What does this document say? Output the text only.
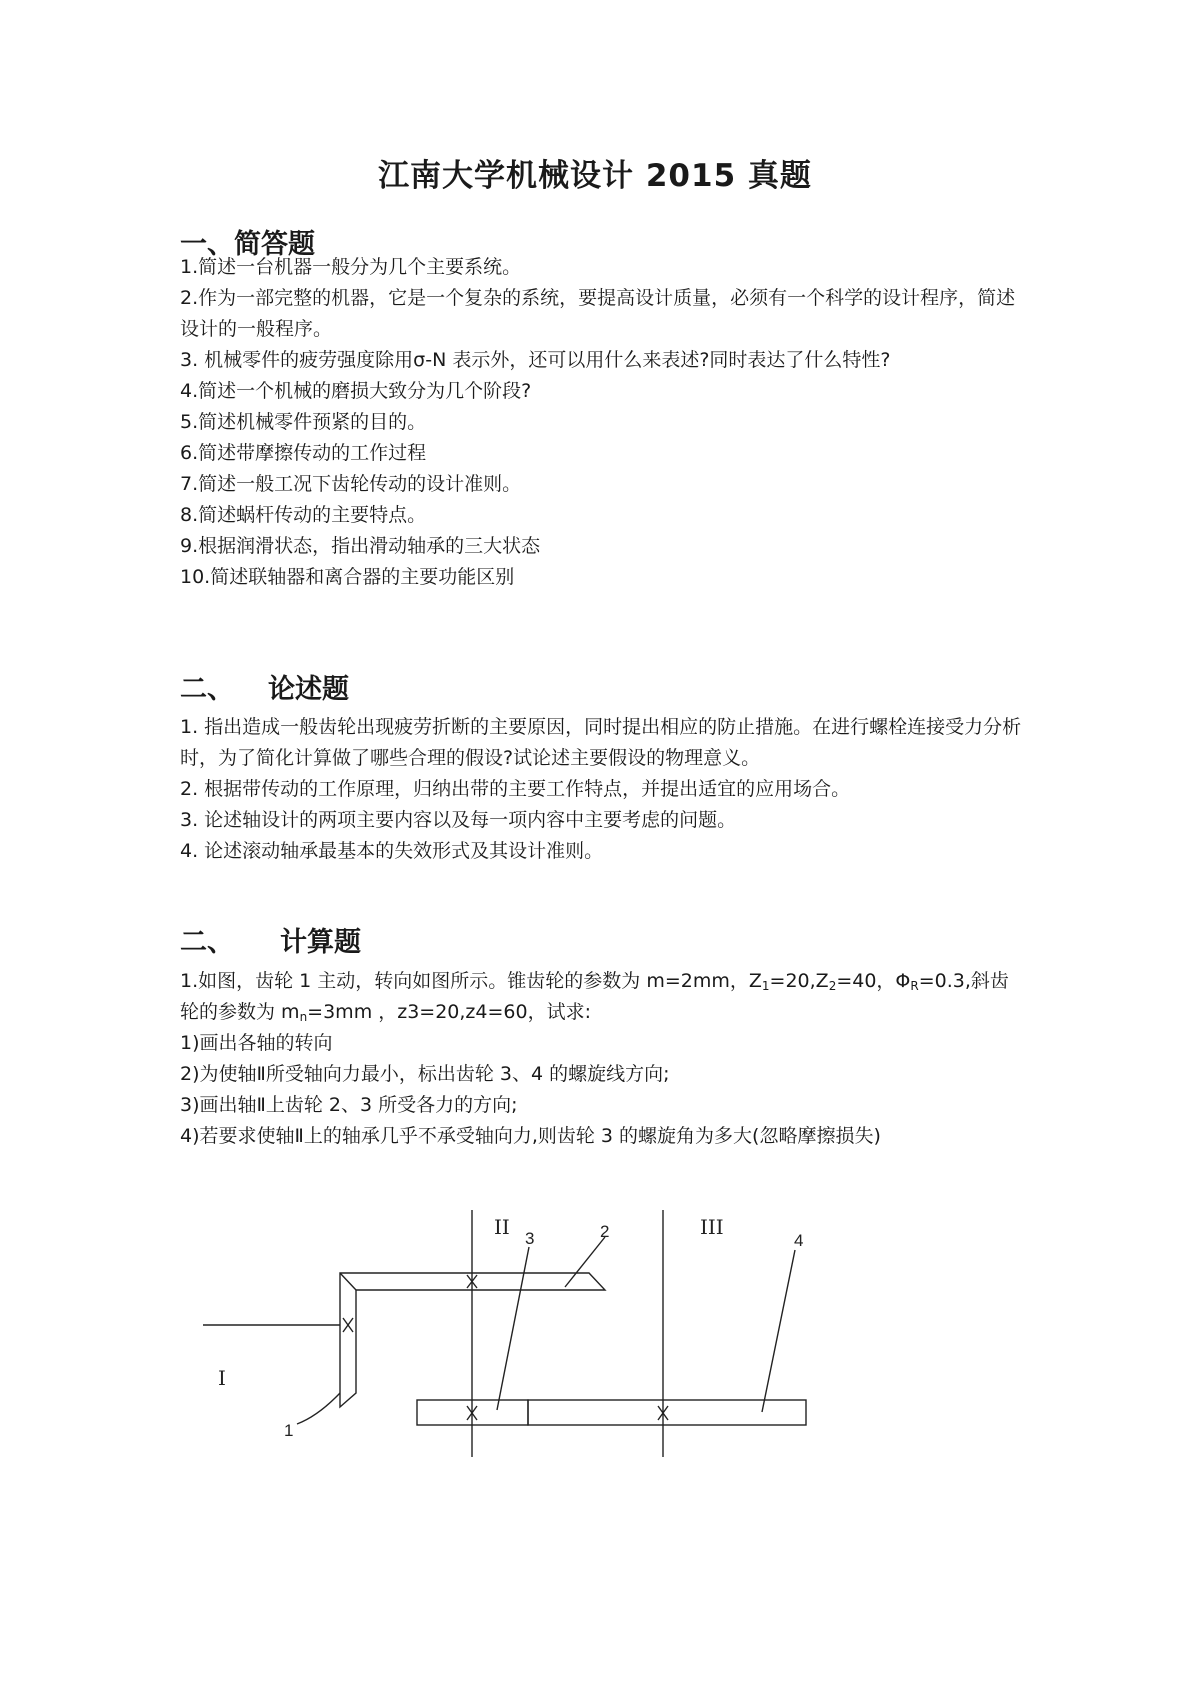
江南大学机械设计 2015 真题
一、简答题

1.简述一台机器一般分为几个主要系统。

2.作为一部完整的机器，它是一个复杂的系统，要提高设计质量，必须有一个科学的设计程序，简述设计的一般程序。

3. 机械零件的疲劳强度除用σ-N 表示外，还可以用什么来表述?同时表达了什么特性?

4.简述一个机械的磨损大致分为几个阶段?

5.简述机械零件预紧的目的。

6.简述带摩擦传动的工作过程

7.简述一般工况下齿轮传动的设计准则。

8.简述蜗杆传动的主要特点。

9.根据润滑状态，指出滑动轴承的三大状态

10.简述联轴器和离合器的主要功能区别

二、 论述题

1. 指出造成一般齿轮出现疲劳折断的主要原因，同时提出相应的防止措施。在进行螺栓连接受力分析时，为了简化计算做了哪些合理的假设?试论述主要假设的物理意义。

2. 根据带传动的工作原理，归纳出带的主要工作特点，并提出适宜的应用场合。

3. 论述轴设计的两项主要内容以及每一项内容中主要考虑的问题。

4. 论述滚动轴承最基本的失效形式及其设计准则。

二、 计算题

1.如图，齿轮 1 主动，转向如图所示。锥齿轮的参数为 m=2mm，$Z_1=20,Z_2=40$，$\Phi_R=0.3$,斜齿轮的参数为 $m_n=3mm$ ，z3=20,z4=60，试求:

1)画出各轴的转向

2)为使轴Ⅱ所受轴向力最小，标出齿轮 3、4 的螺旋线方向;

3)画出轴Ⅱ上齿轮 2、3 所受各力的方向;

4)若要求使轴Ⅱ上的轴承几乎不承受轴向力,则齿轮 3 的螺旋角为多大(忽略摩擦损失)

I
II	III
1
2
3	4
